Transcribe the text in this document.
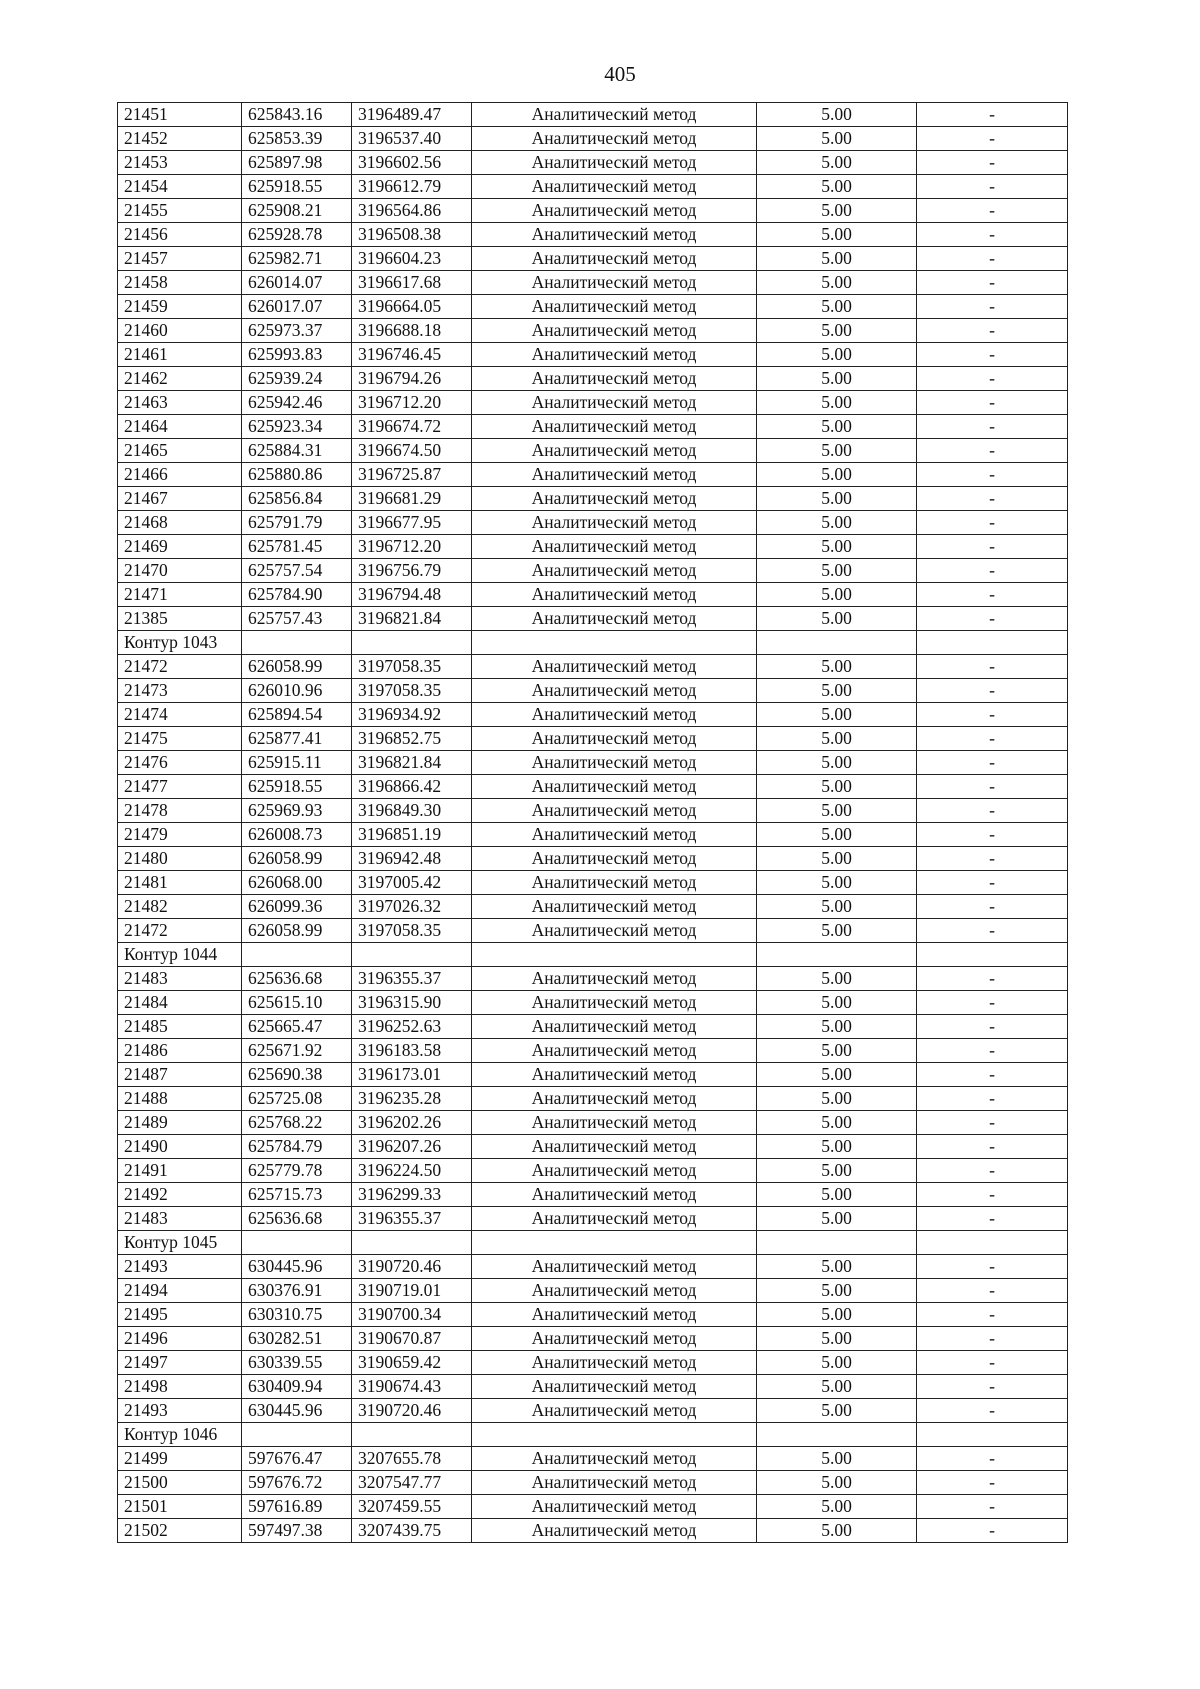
405
21451	625843.16	3196489.47	Аналитический метод	5.00	-
21452	625853.39	3196537.40	Аналитический метод	5.00	-
21453	625897.98	3196602.56	Аналитический метод	5.00	-
21454	625918.55	3196612.79	Аналитический метод	5.00	-
21455	625908.21	3196564.86	Аналитический метод	5.00	-
21456	625928.78	3196508.38	Аналитический метод	5.00	-
21457	625982.71	3196604.23	Аналитический метод	5.00	-
21458	626014.07	3196617.68	Аналитический метод	5.00	-
21459	626017.07	3196664.05	Аналитический метод	5.00	-
21460	625973.37	3196688.18	Аналитический метод	5.00	-
21461	625993.83	3196746.45	Аналитический метод	5.00	-
21462	625939.24	3196794.26	Аналитический метод	5.00	-
21463	625942.46	3196712.20	Аналитический метод	5.00	-
21464	625923.34	3196674.72	Аналитический метод	5.00	-
21465	625884.31	3196674.50	Аналитический метод	5.00	-
21466	625880.86	3196725.87	Аналитический метод	5.00	-
21467	625856.84	3196681.29	Аналитический метод	5.00	-
21468	625791.79	3196677.95	Аналитический метод	5.00	-
21469	625781.45	3196712.20	Аналитический метод	5.00	-
21470	625757.54	3196756.79	Аналитический метод	5.00	-
21471	625784.90	3196794.48	Аналитический метод	5.00	-
21385	625757.43	3196821.84	Аналитический метод	5.00	-
Контур 1043					
21472	626058.99	3197058.35	Аналитический метод	5.00	-
21473	626010.96	3197058.35	Аналитический метод	5.00	-
21474	625894.54	3196934.92	Аналитический метод	5.00	-
21475	625877.41	3196852.75	Аналитический метод	5.00	-
21476	625915.11	3196821.84	Аналитический метод	5.00	-
21477	625918.55	3196866.42	Аналитический метод	5.00	-
21478	625969.93	3196849.30	Аналитический метод	5.00	-
21479	626008.73	3196851.19	Аналитический метод	5.00	-
21480	626058.99	3196942.48	Аналитический метод	5.00	-
21481	626068.00	3197005.42	Аналитический метод	5.00	-
21482	626099.36	3197026.32	Аналитический метод	5.00	-
21472	626058.99	3197058.35	Аналитический метод	5.00	-
Контур 1044					
21483	625636.68	3196355.37	Аналитический метод	5.00	-
21484	625615.10	3196315.90	Аналитический метод	5.00	-
21485	625665.47	3196252.63	Аналитический метод	5.00	-
21486	625671.92	3196183.58	Аналитический метод	5.00	-
21487	625690.38	3196173.01	Аналитический метод	5.00	-
21488	625725.08	3196235.28	Аналитический метод	5.00	-
21489	625768.22	3196202.26	Аналитический метод	5.00	-
21490	625784.79	3196207.26	Аналитический метод	5.00	-
21491	625779.78	3196224.50	Аналитический метод	5.00	-
21492	625715.73	3196299.33	Аналитический метод	5.00	-
21483	625636.68	3196355.37	Аналитический метод	5.00	-
Контур 1045					
21493	630445.96	3190720.46	Аналитический метод	5.00	-
21494	630376.91	3190719.01	Аналитический метод	5.00	-
21495	630310.75	3190700.34	Аналитический метод	5.00	-
21496	630282.51	3190670.87	Аналитический метод	5.00	-
21497	630339.55	3190659.42	Аналитический метод	5.00	-
21498	630409.94	3190674.43	Аналитический метод	5.00	-
21493	630445.96	3190720.46	Аналитический метод	5.00	-
Контур 1046					
21499	597676.47	3207655.78	Аналитический метод	5.00	-
21500	597676.72	3207547.77	Аналитический метод	5.00	-
21501	597616.89	3207459.55	Аналитический метод	5.00	-
21502	597497.38	3207439.75	Аналитический метод	5.00	-
